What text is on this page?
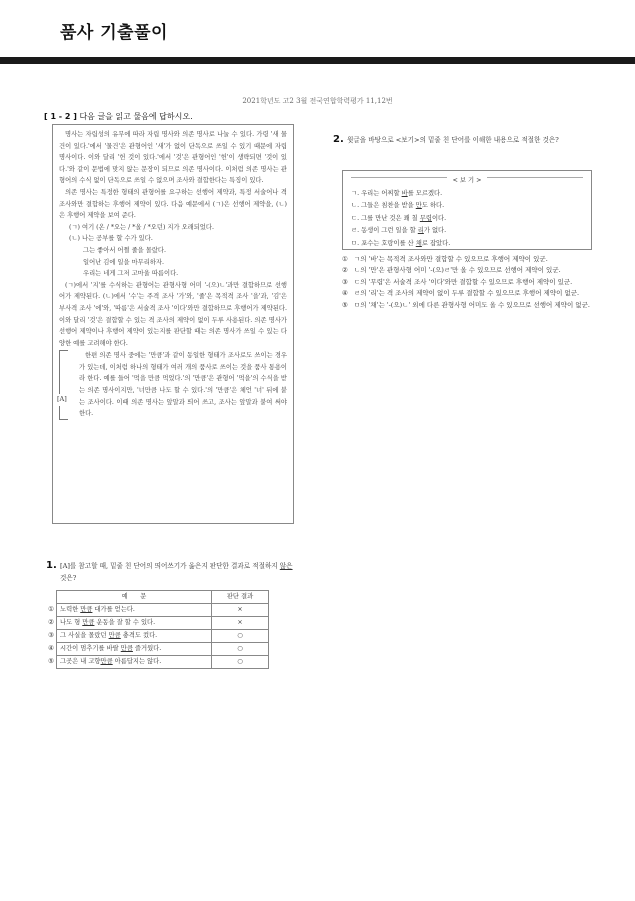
품사 기출풀이
2021학년도 고2 3월 전국연합학력평가 11,12번
[ 1 - 2 ] 다음 글을 읽고 물음에 답하시오.

명사는 자립성의 유무에 따라 자립 명사와 의존 명사로 나눌 수 있다. 가령 '새 물건이 있다.'에서 '물건'은 관형어인 '새'가 없이 단독으로 쓰일 수 있기 때문에 자립 명사이다. 이와 달리 '헌 것이 있다.'에서 '것'은 관형어인 '헌'이 생략되면 '것이 있다.'와 같이 문법에 맞지 않는 문장이 되므로 의존 명사이다. 이처럼 의존 명사는 관형어의 수식 없이 단독으로 쓰일 수 없으며 조사와 결합한다는 특징이 있다.

의존 명사는 특정한 형태의 관형어를 요구하는 선행어 제약과, 특정 서술어나 격 조사와만 결합하는 후행어 제약이 있다. 다음 예문에서 (ㄱ)은 선행어 제약을, (ㄴ)은 후행어 제약을 보여 준다.

(ㄱ) 여기 (온 / *오는 / *올 / *오던) 지가 오래되었다.
(ㄴ) 나는 공부를 할 수가 있다.
그는 좋아서 어쩔 줄을 몰랐다.
일어난 김에 일을 마무리하자.
우리는 네게 그저 고마울 따름이다.

(ㄱ)에서 '지'를 수식하는 관형어는 관형사형 어미 '-(으)ㄴ'과만 결합하므로 선행어가 제약된다. (ㄴ)에서 '수'는 주격 조사 '가'와, '줄'은 목적격 조사 '을'과, '김'은 부사격 조사 '에'와, '따름'은 서술격 조사 '이다'와만 결합하므로 후행어가 제약된다. 이와 달리 '것'은 결합할 수 있는 격 조사의 제약이 없이 두루 사용된다. 의존 명사가 선행어 제약이나 후행어 제약이 있는지를 판단할 때는 의존 명사가 쓰일 수 있는 다양한 예를 고려해야 한다.

[A]

한편 의존 명사 중에는 '만큼'과 같이 동일한 형태가 조사로도 쓰이는 경우가 있는데, 이처럼 하나의 형태가 여러 개의 품사로 쓰이는 것을 품사 통용이라 한다. 예를 들어 '먹을 만큼 먹었다.'의 '만큼'은 관형어 '먹을'의 수식을 받는 의존 명사이지만, '너만큼 나도 할 수 있다.'의 '만큼'은 체언 '너' 뒤에 붙는 조사이다. 이때 의존 명사는 앞말과 띄어 쓰고, 조사는 앞말과 붙여 써야 한다.

1. [A]를 참고할 때, 밑줄 친 단어의 띄어쓰기가 옳은지 판단한 결과로 적절하지 않은 것은?
	예　　문	판단 결과
①	노력한 만큼 대가를 얻는다.	×
②	나도 형 만큼 운동을 잘 할 수 있다.	×
③	그 사실을 몰랐던 만큼 충격도 컸다.	○
④	시간이 멈추기를 바랄 만큼 즐거웠다.	○
⑤	그곳은 내 고향만큼 아름답지는 않다.	○
2. 윗글을 바탕으로 <보기>의 밑줄 친 단어를 이해한 내용으로 적절한 것은?
< 보 기 >
ㄱ. 우리는 어찌할 바를 모르겠다.
ㄴ. 그들은 침찬을 받을 만도 하다.
ㄷ. 그를 만난 것은 꽤 칠 무렵이다.
ㄹ. 동생이 그런 일을 할 리가 없다.
ㅁ. 포수는 호랑이를 산 채로 잡았다.
① ㄱ의 '바'는 목적격 조사와만 결합할 수 있으므로 후행어 제약이 있군.
② ㄴ의 '만'은 관형사형 어미 '-(으)ㄹ'만 올 수 있으므로 선행어 제약이 있군.
③ ㄷ의 '무렵'은 서술격 조사 '이다'와만 결합할 수 있으므로 후행어 제약이 있군.
④ ㄹ의 '리'는 격 조사의 제약이 없이 두루 결합할 수 있으므로 후행어 제약이 없군.
⑤ ㅁ의 '채'는 '-(으)ㄴ' 외에 다른 관형사형 어미도 올 수 있으므로 선행어 제약이 없군.
